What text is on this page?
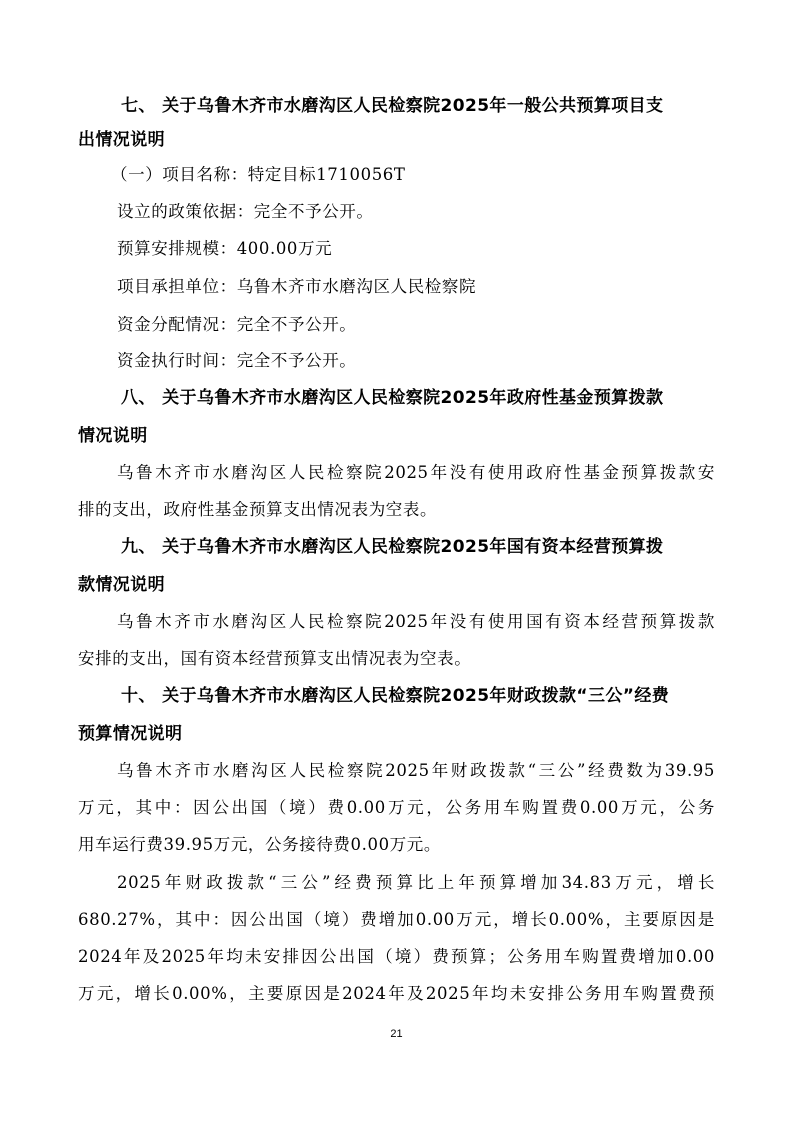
七、 关于乌鲁木齐市水磨沟区人民检察院2025年一般公共预算项目支
出情况说明
（一）项目名称：特定目标1710056T
设立的政策依据：完全不予公开。
预算安排规模：400.00万元
项目承担单位：乌鲁木齐市水磨沟区人民检察院
资金分配情况：完全不予公开。
资金执行时间：完全不予公开。
八、 关于乌鲁木齐市水磨沟区人民检察院2025年政府性基金预算拨款
情况说明
乌鲁木齐市水磨沟区人民检察院2025年没有使用政府性基金预算拨款安
排的支出，政府性基金预算支出情况表为空表。
九、 关于乌鲁木齐市水磨沟区人民检察院2025年国有资本经营预算拨
款情况说明
乌鲁木齐市水磨沟区人民检察院2025年没有使用国有资本经营预算拨款
安排的支出，国有资本经营预算支出情况表为空表。
十、 关于乌鲁木齐市水磨沟区人民检察院2025年财政拨款“三公”经费
预算情况说明
乌鲁木齐市水磨沟区人民检察院2025年财政拨款“三公”经费数为39.95
万元，其中：因公出国（境）费0.00万元，公务用车购置费0.00万元，公务
用车运行费39.95万元，公务接待费0.00万元。
2025年财政拨款“三公”经费预算比上年预算增加34.83万元，增长
680.27%，其中：因公出国（境）费增加0.00万元，增长0.00%，主要原因是
2024年及2025年均未安排因公出国（境）费预算；公务用车购置费增加0.00
万元，增长0.00%，主要原因是2024年及2025年均未安排公务用车购置费预
21
